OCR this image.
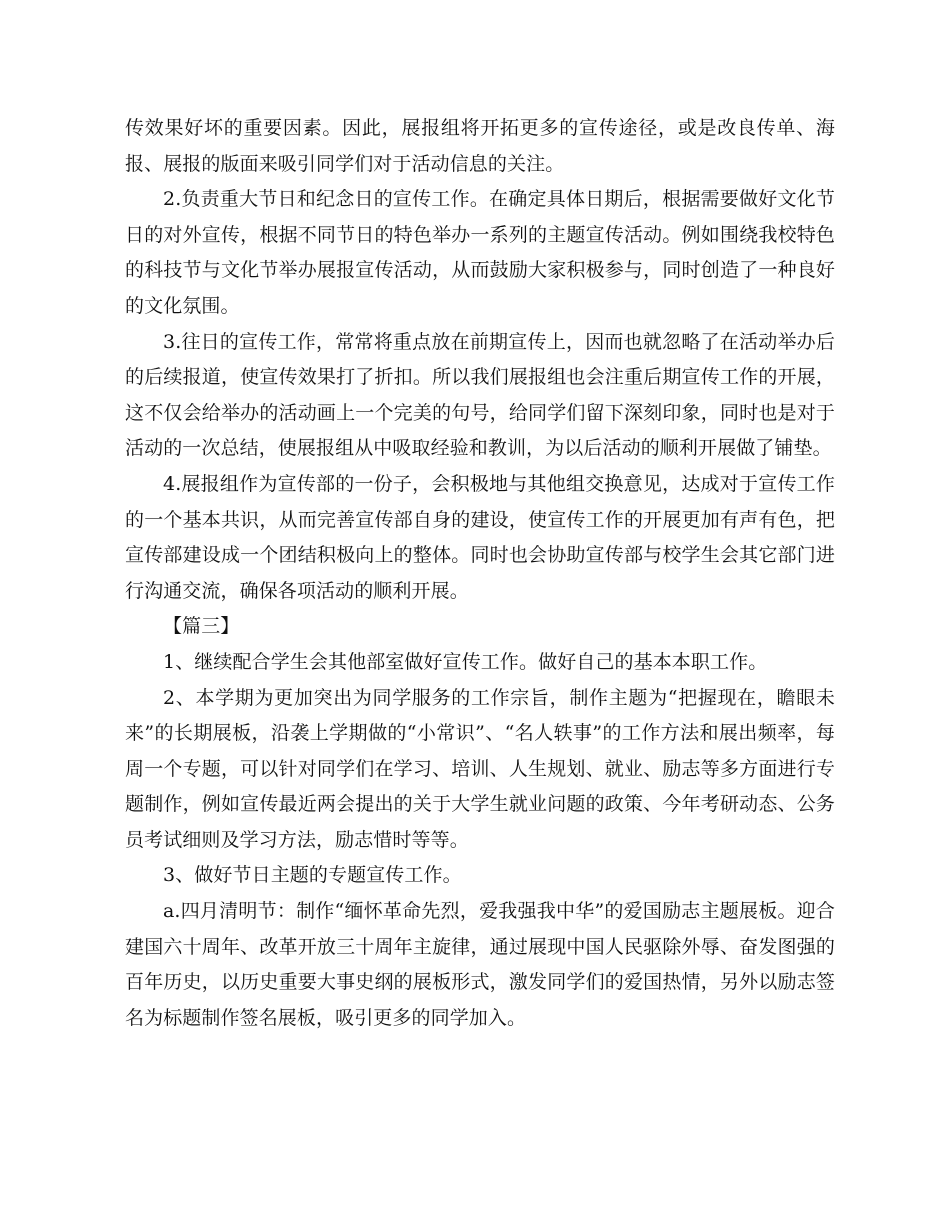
传效果好坏的重要因素。因此，展报组将开拓更多的宣传途径，或是改良传单、海报、展报的版面来吸引同学们对于活动信息的关注。

2.负责重大节日和纪念日的宣传工作。在确定具体日期后，根据需要做好文化节日的对外宣传，根据不同节日的特色举办一系列的主题宣传活动。例如围绕我校特色的科技节与文化节举办展报宣传活动，从而鼓励大家积极参与，同时创造了一种良好的文化氛围。

3.往日的宣传工作，常常将重点放在前期宣传上，因而也就忽略了在活动举办后的后续报道，使宣传效果打了折扣。所以我们展报组也会注重后期宣传工作的开展，这不仅会给举办的活动画上一个完美的句号，给同学们留下深刻印象，同时也是对于活动的一次总结，使展报组从中吸取经验和教训，为以后活动的顺利开展做了铺垫。

4.展报组作为宣传部的一份子，会积极地与其他组交换意见，达成对于宣传工作的一个基本共识，从而完善宣传部自身的建设，使宣传工作的开展更加有声有色，把宣传部建设成一个团结积极向上的整体。同时也会协助宣传部与校学生会其它部门进行沟通交流，确保各项活动的顺利开展。

【篇三】

1、继续配合学生会其他部室做好宣传工作。做好自己的基本本职工作。

2、本学期为更加突出为同学服务的工作宗旨，制作主题为“把握现在，瞻眼未来”的长期展板，沿袭上学期做的“小常识”、“名人轶事”的工作方法和展出频率，每周一个专题，可以针对同学们在学习、培训、人生规划、就业、励志等多方面进行专题制作，例如宣传最近两会提出的关于大学生就业问题的政策、今年考研动态、公务员考试细则及学习方法，励志惜时等等。

3、做好节日主题的专题宣传工作。

a.四月清明节：制作“缅怀革命先烈，爱我强我中华”的爱国励志主题展板。迎合建国六十周年、改革开放三十周年主旋律，通过展现中国人民驱除外辱、奋发图强的百年历史，以历史重要大事史纲的展板形式，激发同学们的爱国热情，另外以励志签名为标题制作签名展板，吸引更多的同学加入。
